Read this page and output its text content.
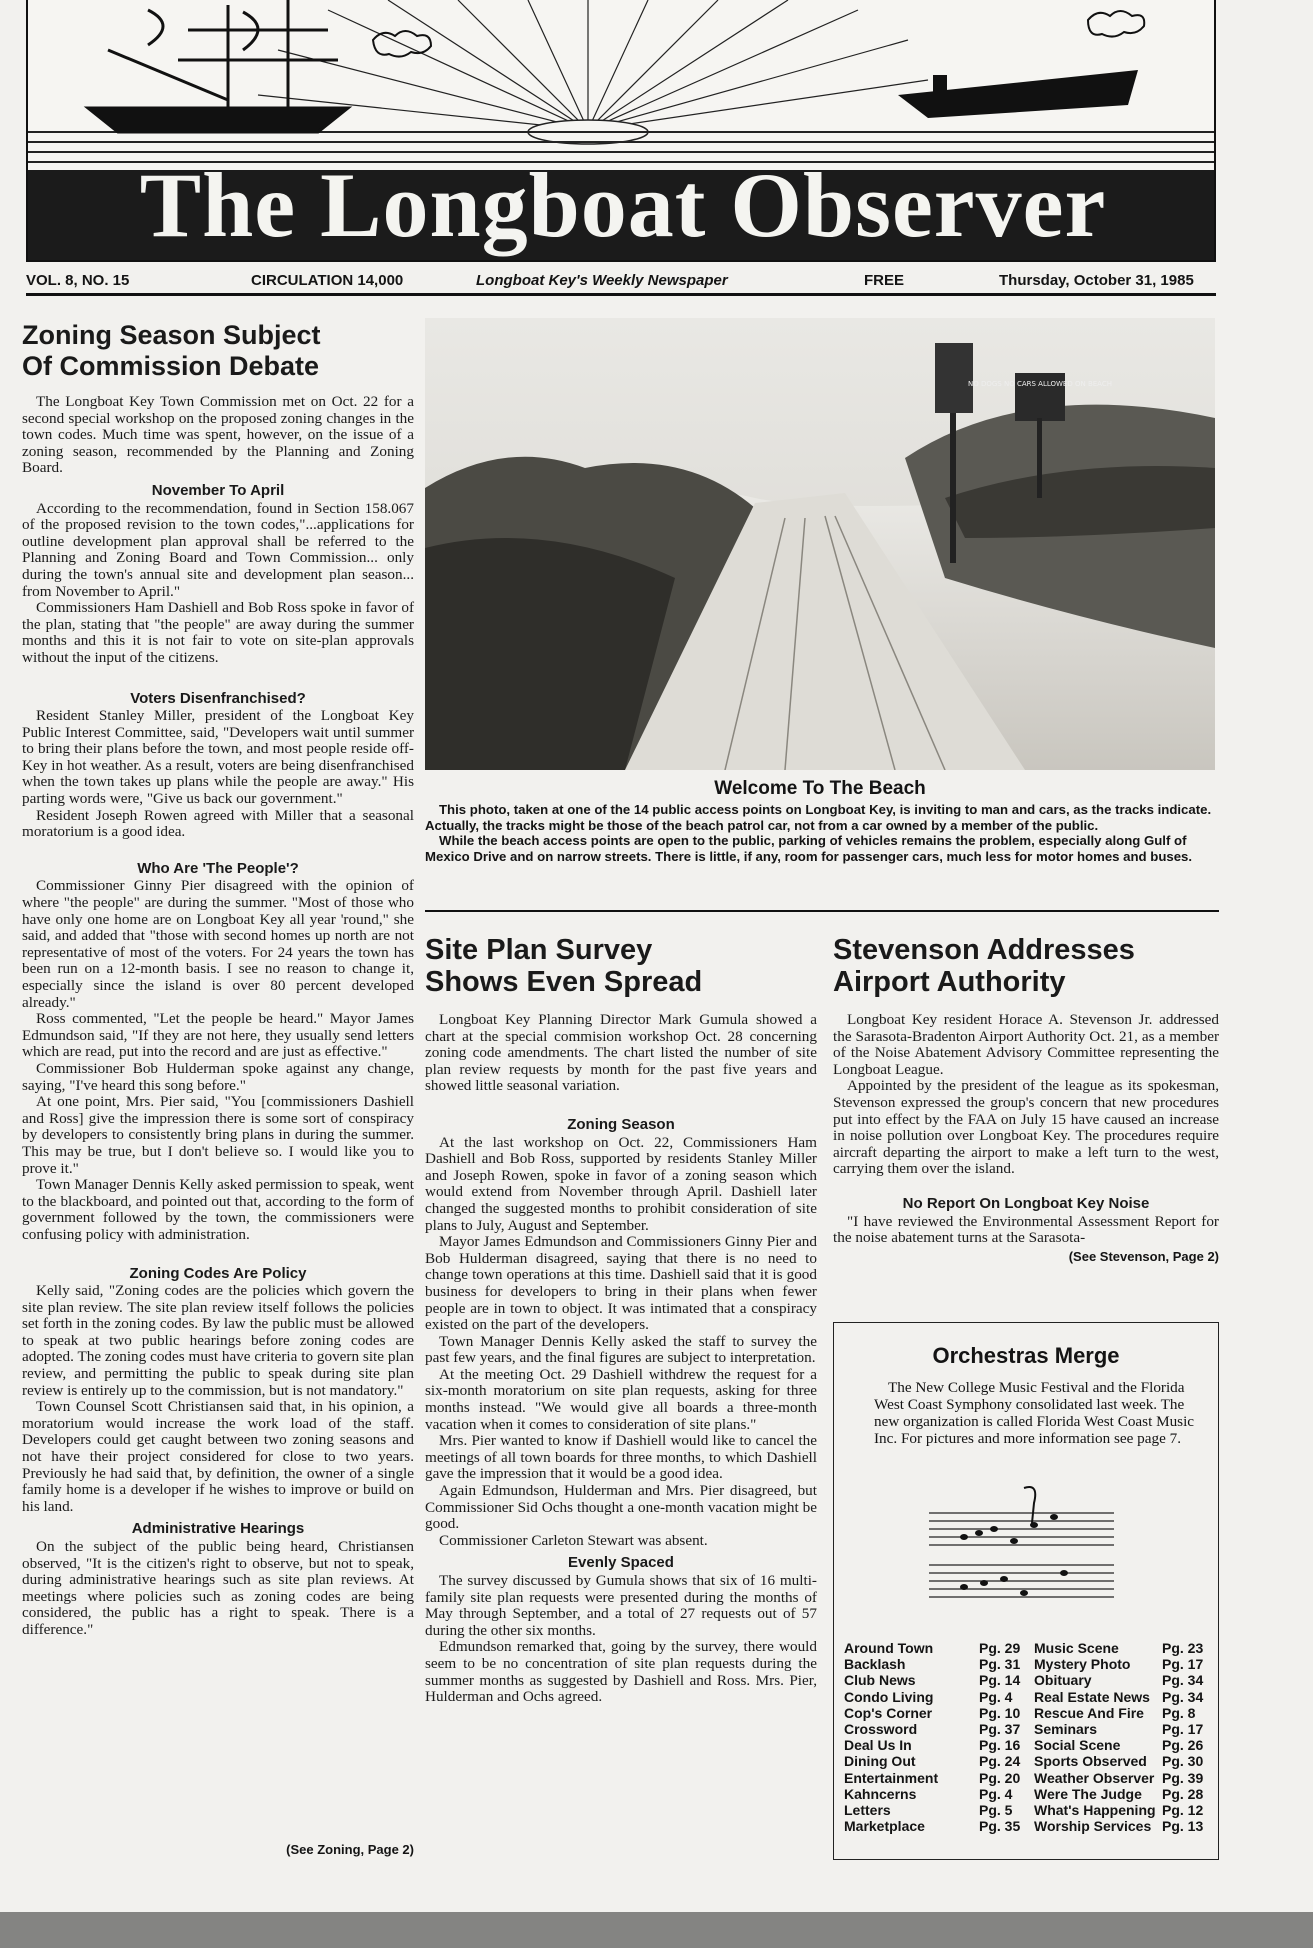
The Longboat Observer
VOL. 8, NO. 15	CIRCULATION 14,000	Longboat Key's Weekly Newspaper	FREE	Thursday, October 31, 1985
Zoning Season Subject
Of Commission Debate

The Longboat Key Town Commission met on Oct. 22 for a second special workshop on the proposed zoning changes in the town codes. Much time was spent, however, on the issue of a zoning season, recommended by the Planning and Zoning Board.

November To April

According to the recommendation, found in Section 158.067 of the proposed revision to the town codes,"...applications for outline development plan approval shall be referred to the Planning and Zoning Board and Town Commission... only during the town's annual site and development plan season... from November to April."

Commissioners Ham Dashiell and Bob Ross spoke in favor of the plan, stating that "the people" are away during the summer months and this it is not fair to vote on site-plan approvals without the input of the citizens.

Voters Disenfranchised?

Resident Stanley Miller, president of the Longboat Key Public Interest Committee, said, "Developers wait until summer to bring their plans before the town, and most people reside off-Key in hot weather. As a result, voters are being disenfranchised when the town takes up plans while the people are away." His parting words were, "Give us back our government."

Resident Joseph Rowen agreed with Miller that a seasonal moratorium is a good idea.

Who Are 'The People'?

Commissioner Ginny Pier disagreed with the opinion of where "the people" are during the summer. "Most of those who have only one home are on Longboat Key all year 'round," she said, and added that "those with second homes up north are not representative of most of the voters. For 24 years the town has been run on a 12-month basis. I see no reason to change it, especially since the island is over 80 percent developed already."

Ross commented, "Let the people be heard." Mayor James Edmundson said, "If they are not here, they usually send letters which are read, put into the record and are just as effective."

Commissioner Bob Hulderman spoke against any change, saying, "I've heard this song before."

At one point, Mrs. Pier said, "You [commissioners Dashiell and Ross] give the impression there is some sort of conspiracy by developers to consistently bring plans in during the summer. This may be true, but I don't believe so. I would like you to prove it."

Town Manager Dennis Kelly asked permission to speak, went to the blackboard, and pointed out that, according to the form of government followed by the town, the commissioners were confusing policy with administration.

Zoning Codes Are Policy

Kelly said, "Zoning codes are the policies which govern the site plan review. The site plan review itself follows the policies set forth in the zoning codes. By law the public must be allowed to speak at two public hearings before zoning codes are adopted. The zoning codes must have criteria to govern site plan review, and permitting the public to speak during site plan review is entirely up to the commission, but is not mandatory."

Town Counsel Scott Christiansen said that, in his opinion, a moratorium would increase the work load of the staff. Developers could get caught between two zoning seasons and not have their project considered for close to two years. Previously he had said that, by definition, the owner of a single family home is a developer if he wishes to improve or build on his land.

Administrative Hearings

On the subject of the public being heard, Christiansen observed, "It is the citizen's right to observe, but not to speak, during administrative hearings such as site plan reviews. At meetings where policies such as zoning codes are being considered, the public has a right to speak. There is a difference."

(See Zoning, Page 2)
NO DOGS NO CARS ALLOWED ON BEACH
Welcome To The Beach

This photo, taken at one of the 14 public access points on Longboat Key, is inviting to man and cars, as the tracks indicate. Actually, the tracks might be those of the beach patrol car, not from a car owned by a member of the public.

While the beach access points are open to the public, parking of vehicles remains the problem, especially along Gulf of Mexico Drive and on narrow streets. There is little, if any, room for passenger cars, much less for motor homes and buses.

Site Plan Survey
Shows Even Spread

Longboat Key Planning Director Mark Gumula showed a chart at the special commision workshop Oct. 28 concerning zoning code amendments. The chart listed the number of site plan review requests by month for the past five years and showed little seasonal variation.

Zoning Season

At the last workshop on Oct. 22, Commissioners Ham Dashiell and Bob Ross, supported by residents Stanley Miller and Joseph Rowen, spoke in favor of a zoning season which would extend from November through April. Dashiell later changed the suggested months to prohibit consideration of site plans to July, August and September.

Mayor James Edmundson and Commissioners Ginny Pier and Bob Hulderman disagreed, saying that there is no need to change town operations at this time. Dashiell said that it is good business for developers to bring in their plans when fewer people are in town to object. It was intimated that a conspiracy existed on the part of the developers.

Town Manager Dennis Kelly asked the staff to survey the past few years, and the final figures are subject to interpretation.

At the meeting Oct. 29 Dashiell withdrew the request for a six-month moratorium on site plan requests, asking for three months instead. "We would give all boards a three-month vacation when it comes to consideration of site plans."

Mrs. Pier wanted to know if Dashiell would like to cancel the meetings of all town boards for three months, to which Dashiell gave the impression that it would be a good idea.

Again Edmundson, Hulderman and Mrs. Pier disagreed, but Commissioner Sid Ochs thought a one-month vacation might be good.

Commissioner Carleton Stewart was absent.

Evenly Spaced

The survey discussed by Gumula shows that six of 16 multi-family site plan requests were presented during the months of May through September, and a total of 27 requests out of 57 during the other six months.

Edmundson remarked that, going by the survey, there would seem to be no concentration of site plan requests during the summer months as suggested by Dashiell and Ross. Mrs. Pier, Hulderman and Ochs agreed.

Stevenson Addresses
Airport Authority

Longboat Key resident Horace A. Stevenson Jr. addressed the Sarasota-Bradenton Airport Authority Oct. 21, as a member of the Noise Abatement Advisory Committee representing the Longboat League.

Appointed by the president of the league as its spokesman, Stevenson expressed the group's concern that new procedures put into effect by the FAA on July 15 have caused an increase in noise pollution over Longboat Key. The procedures require aircraft departing the airport to make a left turn to the west, carrying them over the island.

No Report On Longboat Key Noise

"I have reviewed the Environmental Assessment Report for the noise abatement turns at the Sarasota-

(See Stevenson, Page 2)
Orchestras Merge

The New College Music Festival and the Florida West Coast Symphony consolidated last week. The new organization is called Florida West Coast Music Inc. For pictures and more information see page 7.

Around Town	Pg. 29
Backlash	Pg. 31
Club News	Pg. 14
Condo Living	Pg. 4
Cop's Corner	Pg. 10
Crossword	Pg. 37
Deal Us In	Pg. 16
Dining Out	Pg. 24
Entertainment	Pg. 20
Kahncerns	Pg. 4
Letters	Pg. 5
Marketplace	Pg. 35
Music Scene	Pg. 23
Mystery Photo Pg. 17
Obituary	Pg. 34
Real Estate News Pg. 34
Rescue And Fire Pg. 8
Seminars	Pg. 17
Social Scene	Pg. 26
Sports Observed Pg. 30
Weather Observer Pg. 39
Were The Judge Pg. 28
What's Happening Pg. 12
Worship Services Pg. 13
